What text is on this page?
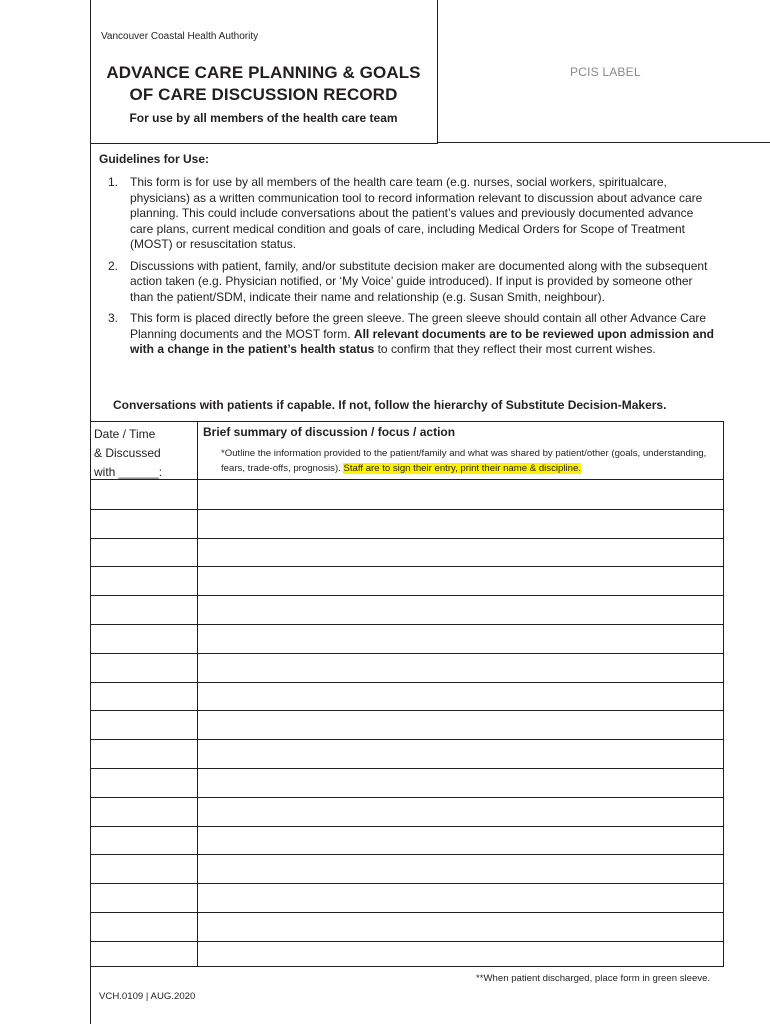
Vancouver Coastal Health Authority
ADVANCE CARE PLANNING & GOALS
OF CARE DISCUSSION RECORD
For use by all members of the health care team
PCIS LABEL
Guidelines for Use:
1. This form is for use by all members of the health care team (e.g. nurses, social workers, spiritualcare, physicians) as a written communication tool to record information relevant to discussion about advance care planning. This could include conversations about the patient’s values and previously documented advance care plans, current medical condition and goals of care, including Medical Orders for Scope of Treatment (MOST) or resuscitation status.
2. Discussions with patient, family, and/or substitute decision maker are documented along with the subsequent action taken (e.g. Physician notified, or ‘My Voice’ guide introduced). If input is provided by someone other than the patient/SDM, indicate their name and relationship (e.g. Susan Smith, neighbour).
3. This form is placed directly before the green sleeve. The green sleeve should contain all other Advance Care Planning documents and the MOST form. All relevant documents are to be reviewed upon admission and with a change in the patient’s health status to confirm that they reflect their most current wishes.
Conversations with patients if capable. If not, follow the hierarchy of Substitute Decision-Makers.
Date / Time
& Discussed
with ______:
Brief summary of discussion / focus / action
*Outline the information provided to the patient/family and what was shared by patient/other (goals, understanding, fears, trade-offs, prognosis). Staff are to sign their entry, print their name & discipline.
**When patient discharged, place form in green sleeve.
VCH.0109 | AUG.2020
